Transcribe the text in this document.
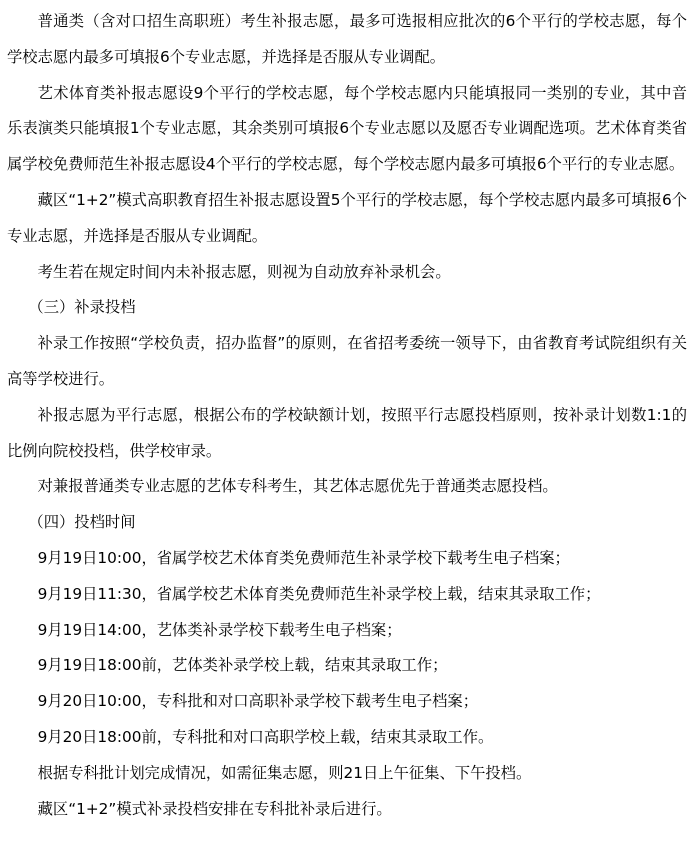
普通类（含对口招生高职班）考生补报志愿，最多可选报相应批次的6个平行的学校志愿，每个学校志愿内最多可填报6个专业志愿，并选择是否服从专业调配。

艺术体育类补报志愿设9个平行的学校志愿，每个学校志愿内只能填报同一类别的专业，其中音乐表演类只能填报1个专业志愿，其余类别可填报6个专业志愿以及愿否专业调配选项。艺术体育类省属学校免费师范生补报志愿设4个平行的学校志愿，每个学校志愿内最多可填报6个平行的专业志愿。

藏区“1+2”模式高职教育招生补报志愿设置5个平行的学校志愿，每个学校志愿内最多可填报6个专业志愿，并选择是否服从专业调配。

考生若在规定时间内未补报志愿，则视为自动放弃补录机会。

（三）补录投档

补录工作按照“学校负责，招办监督”的原则，在省招考委统一领导下，由省教育考试院组织有关高等学校进行。

补报志愿为平行志愿，根据公布的学校缺额计划，按照平行志愿投档原则，按补录计划数1:1的比例向院校投档，供学校审录。

对兼报普通类专业志愿的艺体专科考生，其艺体志愿优先于普通类志愿投档。

（四）投档时间

9月19日10:00，省属学校艺术体育类免费师范生补录学校下载考生电子档案；

9月19日11:30，省属学校艺术体育类免费师范生补录学校上载，结束其录取工作；

9月19日14:00，艺体类补录学校下载考生电子档案；

9月19日18:00前，艺体类补录学校上载，结束其录取工作；

9月20日10:00，专科批和对口高职补录学校下载考生电子档案；

9月20日18:00前，专科批和对口高职学校上载，结束其录取工作。

根据专科批计划完成情况，如需征集志愿，则21日上午征集、下午投档。

藏区“1+2”模式补录投档安排在专科批补录后进行。
